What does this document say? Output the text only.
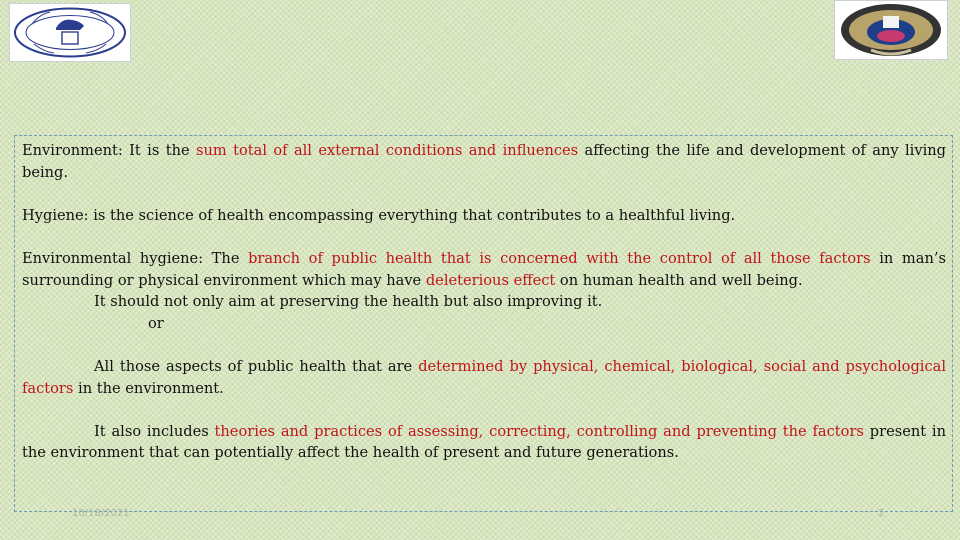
Environment: It is the sum total of all external conditions and influences affecting the life and development of any living being.

Hygiene: is the science of health encompassing everything that contributes to a healthful living.

Environmental hygiene: The branch of public health that is concerned with the control of all those factors in man’s surrounding or physical environment which may have deleterious effect on human health and well being.

It should not only aim at preserving the health but also improving it.

or

All those aspects of public health that are determined by physical, chemical, biological, social and psychological factors in the environment.

It also includes theories and practices of assessing, correcting, controlling and preventing the factors present in the environment that can potentially affect the health of present and future generations.

10/18/2021	2
